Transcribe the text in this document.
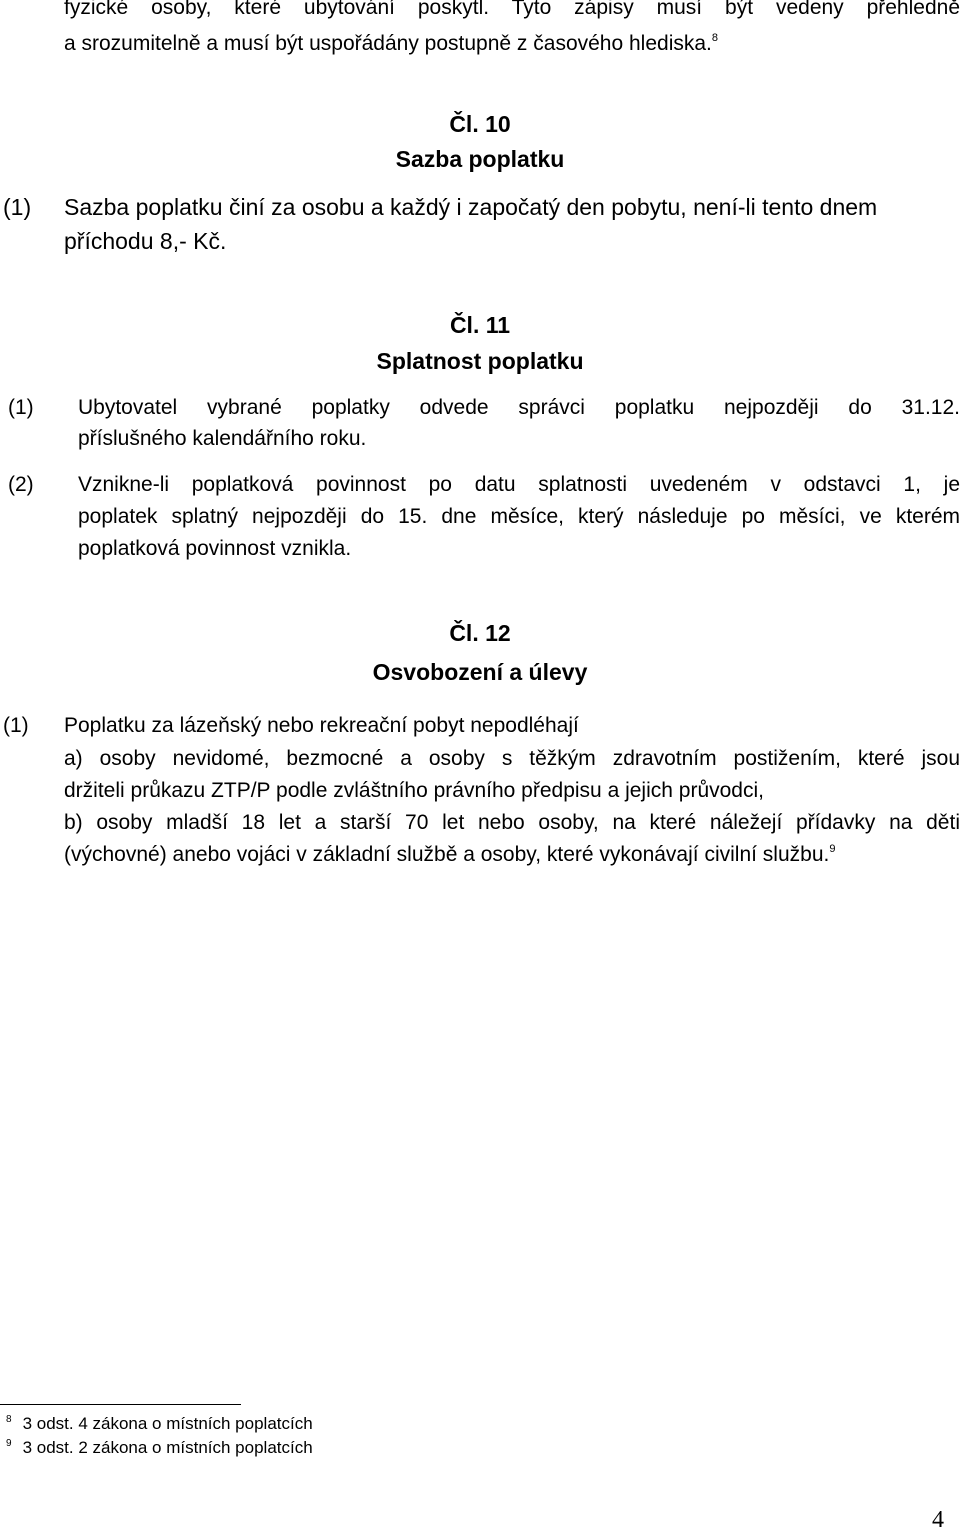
fyzické osoby, které ubytování poskytl. Tyto zápisy musí být vedeny přehledně
a srozumitelně a musí být uspořádány postupně z časového hlediska.$^8$
Čl. 10
Sazba poplatku
(1) Sazba poplatku činí za osobu a každý i započatý den pobytu, není-li tento dnem
příchodu 8,- Kč.
Čl. 11
Splatnost poplatku
(1) Ubytovatel vybrané poplatky odvede správci poplatku nejpozději do 31.12.
příslušného kalendářního roku.
(2) Vznikne-li poplatková povinnost po datu splatnosti uvedeném v odstavci 1, je
poplatek splatný nejpozději do 15. dne měsíce, který následuje po měsíci, ve kterém
poplatková povinnost vznikla.
Čl. 12
Osvobození a úlevy
(1) Poplatku za lázeňský nebo rekreační pobyt nepodléhají
a) osoby nevidomé, bezmocné a osoby s těžkým zdravotním postižením, které jsou
držiteli průkazu ZTP/P podle zvláštního právního předpisu a jejich průvodci,
b) osoby mladší 18 let a starší 70 let nebo osoby, na které náležejí přídavky na děti
(výchovné) anebo vojáci v základní službě a osoby, které vykonávají civilní službu.$^9$
$^8$ 3 odst. 4 zákona o místních poplatcích
$^9$ 3 odst. 2 zákona o místních poplatcích
4
